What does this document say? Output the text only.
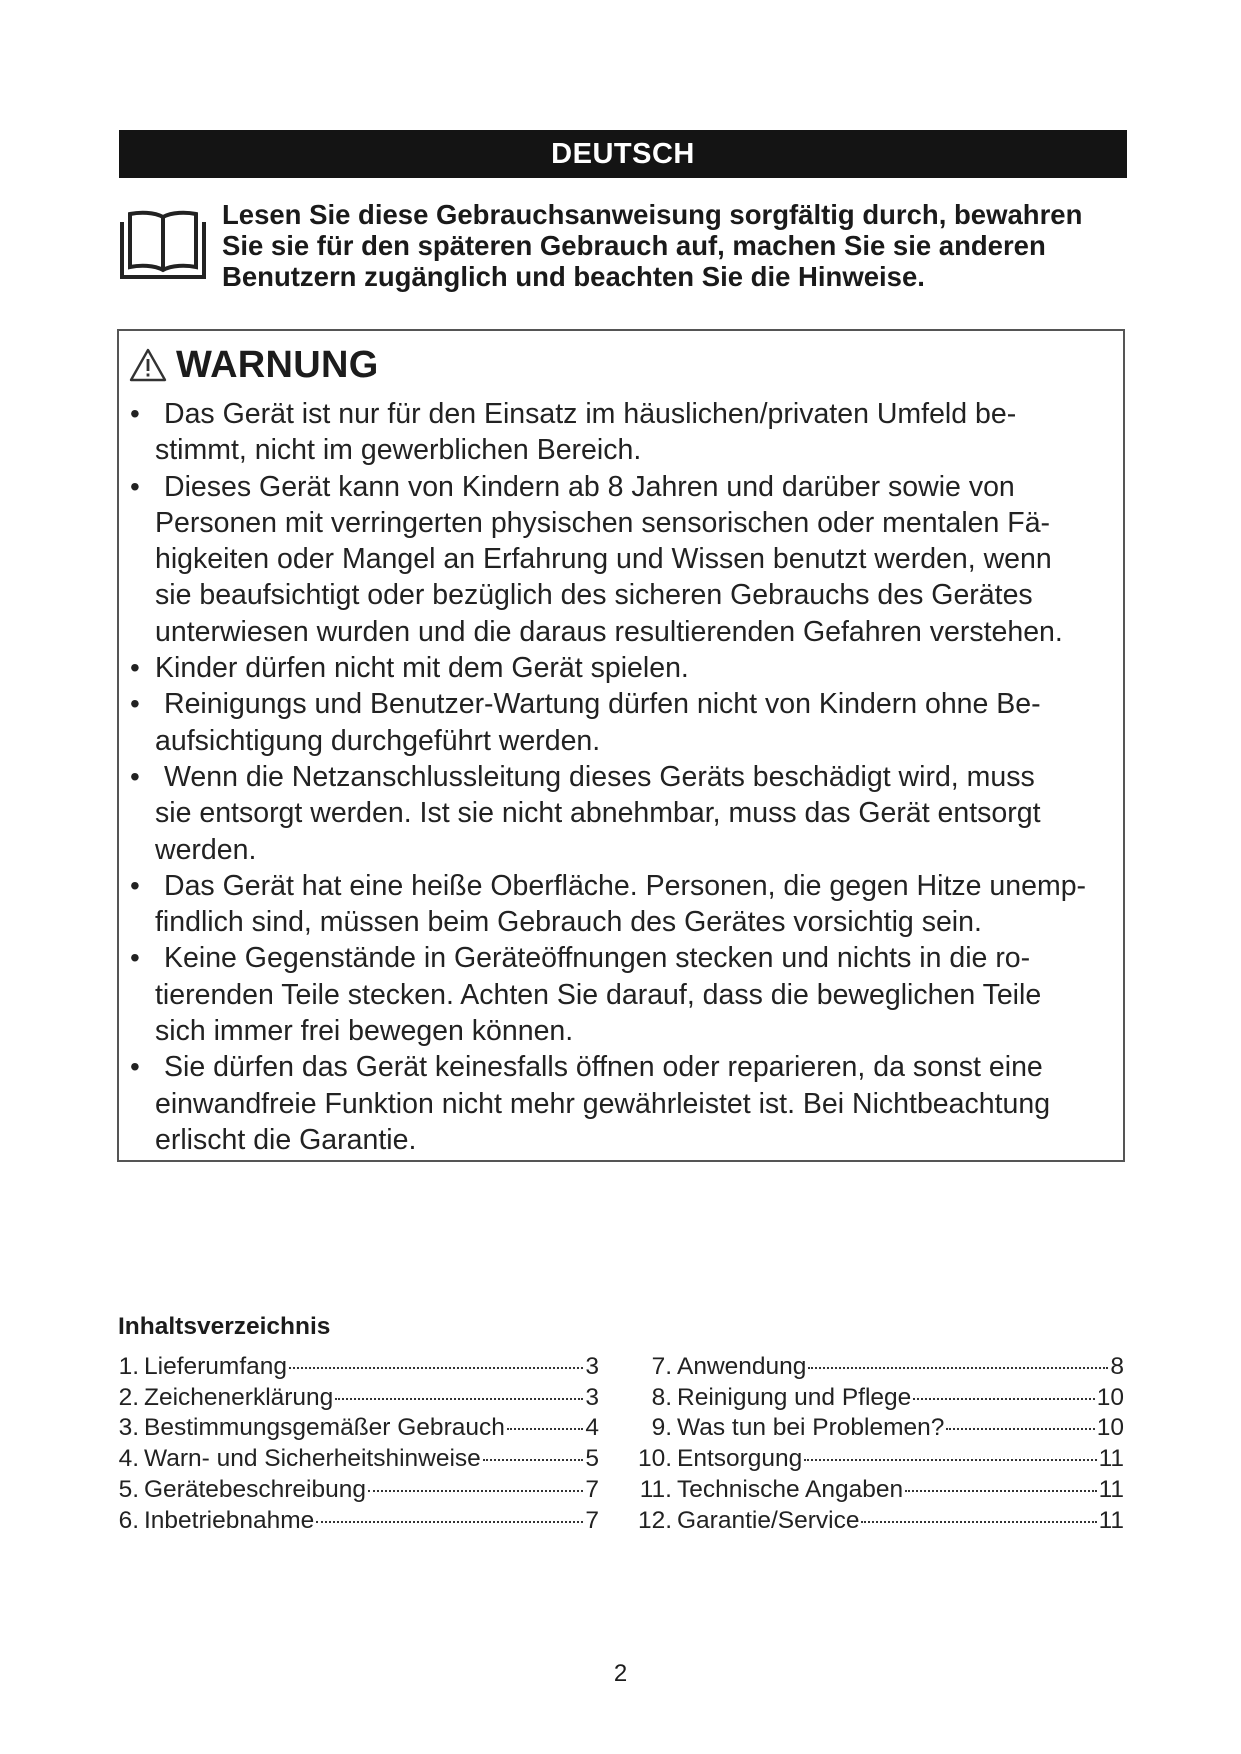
DEUTSCH
Lesen Sie diese Gebrauchsanweisung sorgfältig durch, bewahren Sie sie für den späteren Gebrauch auf, machen Sie sie anderen Benutzern zugänglich und beachten Sie die Hinweise.
WARNUNG
• Das Gerät ist nur für den Einsatz im häuslichen/privaten Umfeld be-
stimmt, nicht im gewerblichen Bereich.
• Dieses Gerät kann von Kindern ab 8 Jahren und darüber sowie von
Personen mit verringerten physischen sensorischen oder mentalen Fä-
higkeiten oder Mangel an Erfahrung und Wissen benutzt werden, wenn
sie beaufsichtigt oder bezüglich des sicheren Gebrauchs des Gerätes
unterwiesen wurden und die daraus resultierenden Gefahren verstehen.
• Kinder dürfen nicht mit dem Gerät spielen.
• Reinigungs und Benutzer-Wartung dürfen nicht von Kindern ohne Be-
aufsichtigung durchgeführt werden.
• Wenn die Netzanschlussleitung dieses Geräts beschädigt wird, muss
sie entsorgt werden. Ist sie nicht abnehmbar, muss das Gerät entsorgt
werden.
• Das Gerät hat eine heiße Oberfläche. Personen, die gegen Hitze unemp-
findlich sind, müssen beim Gebrauch des Gerätes vorsichtig sein.
• Keine Gegenstände in Geräteöffnungen stecken und nichts in die ro-
tierenden Teile stecken. Achten Sie darauf, dass die beweglichen Teile
sich immer frei bewegen können.
• Sie dürfen das Gerät keinesfalls öffnen oder reparieren, da sonst eine
einwandfreie Funktion nicht mehr gewährleistet ist. Bei Nichtbeachtung
erlischt die Garantie.
Inhaltsverzeichnis
1. Lieferumfang	3
2. Zeichenerklärung	3
3. Bestimmungsgemäßer Gebrauch	4
4. Warn- und Sicherheitshinweise	5
5. Gerätebeschreibung	7
6. Inbetriebnahme	7
7. Anwendung	8
8. Reinigung und Pflege	10
9. Was tun bei Problemen?	10
10. Entsorgung	11
11. Technische Angaben	11
12. Garantie/Service	11
2
